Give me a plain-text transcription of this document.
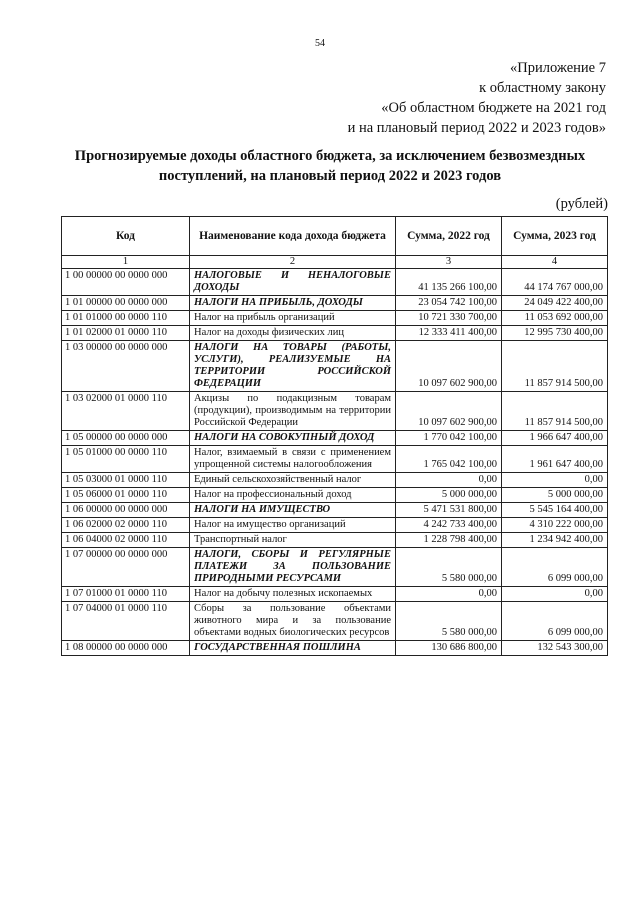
54
«Приложение 7
к областному закону
«Об областном бюджете на 2021 год
и на плановый период 2022 и 2023 годов»
Прогнозируемые доходы областного бюджета, за исключением безвозмездных поступлений, на плановый период 2022 и 2023 годов
(рублей)
Код	Наименование кода дохода бюджета	Сумма, 2022 год	Сумма, 2023 год
1	2	3	4
1 00 00000 00 0000 000	НАЛОГОВЫЕ И НЕНАЛОГОВЫЕ ДОХОДЫ	41 135 266 100,00	44 174 767 000,00
1 01 00000 00 0000 000	НАЛОГИ НА ПРИБЫЛЬ, ДОХОДЫ	23 054 742 100,00	24 049 422 400,00
1 01 01000 00 0000 110	Налог на прибыль организаций	10 721 330 700,00	11 053 692 000,00
1 01 02000 01 0000 110	Налог на доходы физических лиц	12 333 411 400,00	12 995 730 400,00
1 03 00000 00 0000 000	НАЛОГИ НА ТОВАРЫ (РАБОТЫ, УСЛУГИ), РЕАЛИЗУЕМЫЕ НА ТЕРРИТОРИИ РОССИЙСКОЙ ФЕДЕРАЦИИ	10 097 602 900,00	11 857 914 500,00
1 03 02000 01 0000 110	Акцизы по подакцизным товарам (продукции), производимым на территории Российской Федерации	10 097 602 900,00	11 857 914 500,00
1 05 00000 00 0000 000	НАЛОГИ НА СОВОКУПНЫЙ ДОХОД	1 770 042 100,00	1 966 647 400,00
1 05 01000 00 0000 110	Налог, взимаемый в связи с применением упрощенной системы налогообложения	1 765 042 100,00	1 961 647 400,00
1 05 03000 01 0000 110	Единый сельскохозяйственный налог	0,00	0,00
1 05 06000 01 0000 110	Налог на профессиональный доход	5 000 000,00	5 000 000,00
1 06 00000 00 0000 000	НАЛОГИ НА ИМУЩЕСТВО	5 471 531 800,00	5 545 164 400,00
1 06 02000 02 0000 110	Налог на имущество организаций	4 242 733 400,00	4 310 222 000,00
1 06 04000 02 0000 110	Транспортный налог	1 228 798 400,00	1 234 942 400,00
1 07 00000 00 0000 000	НАЛОГИ, СБОРЫ И РЕГУЛЯРНЫЕ ПЛАТЕЖИ ЗА ПОЛЬЗОВАНИЕ ПРИРОДНЫМИ РЕСУРСАМИ	5 580 000,00	6 099 000,00
1 07 01000 01 0000 110	Налог на добычу полезных ископаемых	0,00	0,00
1 07 04000 01 0000 110	Сборы за пользование объектами животного мира и за пользование объектами водных биологических ресурсов	5 580 000,00	6 099 000,00
1 08 00000 00 0000 000	ГОСУДАРСТВЕННАЯ ПОШЛИНА	130 686 800,00	132 543 300,00
